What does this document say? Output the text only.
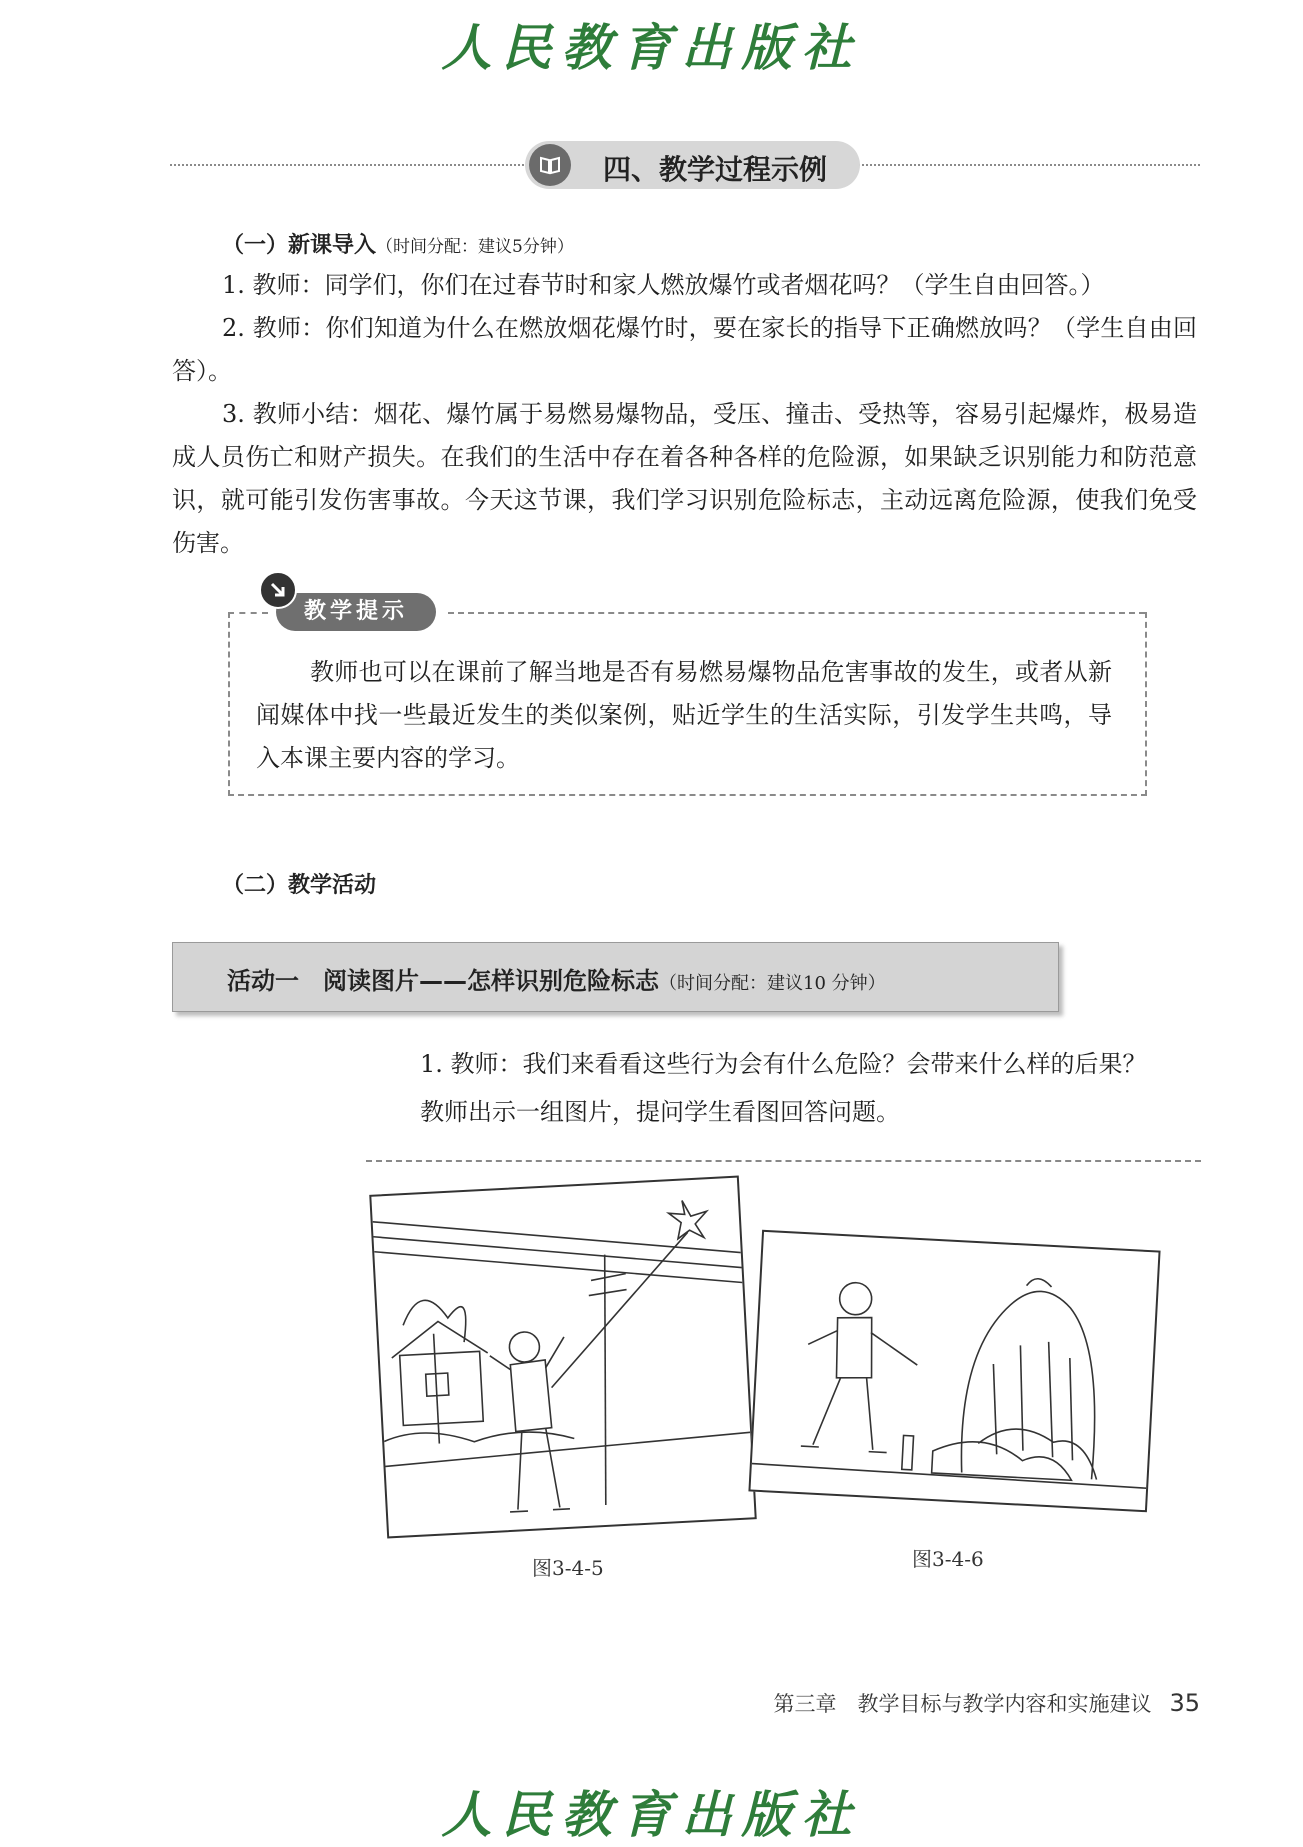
人民教育出版社
四、教学过程示例
（一）新课导入（时间分配：建议5分钟）

1. 教师：同学们，你们在过春节时和家人燃放爆竹或者烟花吗？（学生自由回答。）

2. 教师：你们知道为什么在燃放烟花爆竹时，要在家长的指导下正确燃放吗？（学生自由回答）。

3. 教师小结：烟花、爆竹属于易燃易爆物品，受压、撞击、受热等，容易引起爆炸，极易造成人员伤亡和财产损失。在我们的生活中存在着各种各样的危险源，如果缺乏识别能力和防范意识，就可能引发伤害事故。今天这节课，我们学习识别危险标志，主动远离危险源，使我们免受伤害。

教学提示

教师也可以在课前了解当地是否有易燃易爆物品危害事故的发生，或者从新闻媒体中找一些最近发生的类似案例，贴近学生的生活实际，引发学生共鸣，导入本课主要内容的学习。

（二）教学活动
活动一　阅读图片——怎样识别危险标志（时间分配：建议10 分钟）

1. 教师：我们来看看这些行为会有什么危险？会带来什么样的后果？
教师出示一组图片，提问学生看图回答问题。

图3-4-5	图3-4-6
第三章　教学目标与教学内容和实施建议 35
人民教育出版社
